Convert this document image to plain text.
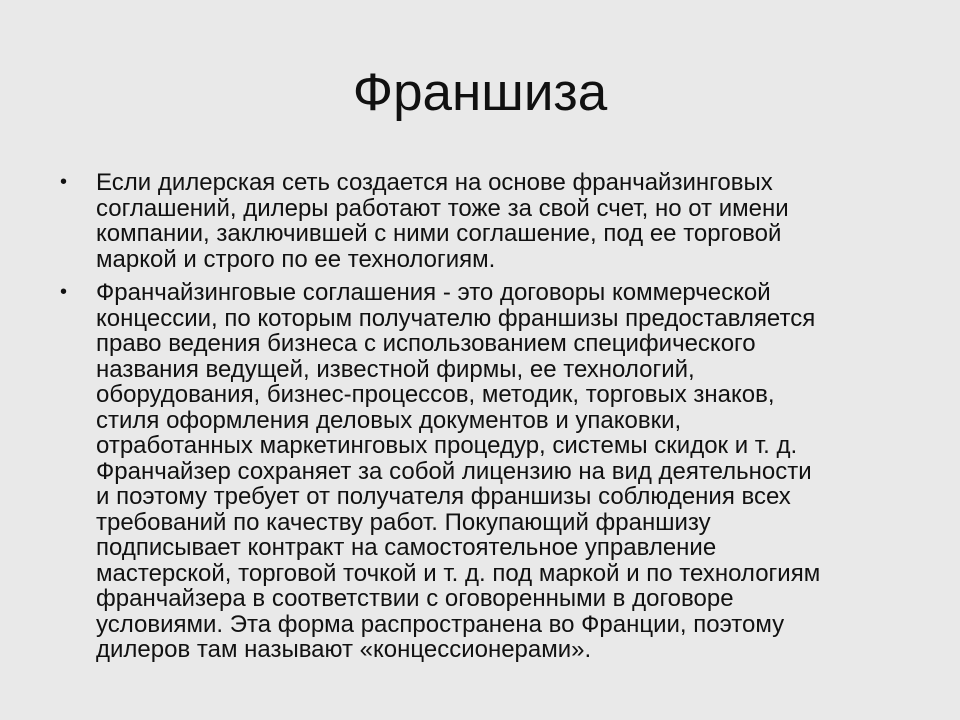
Франшиза
• Если дилерская сеть создается на основе франчайзинговых
соглашений, дилеры работают тоже за свой счет, но от имени
компании, заключившей с ними соглашение, под ее торговой
маркой и строго по ее технологиям.
• Франчайзинговые соглашения - это договоры коммерческой
концессии, по которым получателю франшизы предоставляется
право ведения бизнеса с использованием специфического
названия ведущей, известной фирмы, ее технологий,
оборудования, бизнес-процессов, методик, торговых знаков,
стиля оформления деловых документов и упаковки,
отработанных маркетинговых процедур, системы скидок и т. д.
Франчайзер сохраняет за собой лицензию на вид деятельности
и поэтому требует от получателя франшизы соблюдения всех
требований по качеству работ. Покупающий франшизу
подписывает контракт на самостоятельное управление
мастерской, торговой точкой и т. д. под маркой и по технологиям
франчайзера в соответствии с оговоренными в договоре
условиями. Эта форма распространена во Франции, поэтому
дилеров там называют «концессионерами».
